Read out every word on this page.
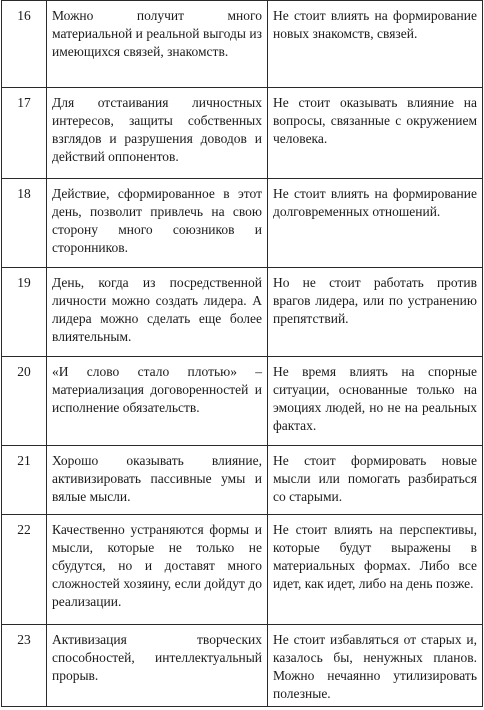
16	Можно получит много материальной и реальной выгоды из имеющихся связей, знакомств.	Не стоит влиять на формирование новых знакомств, связей.
17	Для отстаивания личностных интересов, защиты собственных взглядов и разрушения доводов и действий оппонентов.	Не стоит оказывать влияние на вопросы, связанные с окружением человека.
18	Действие, сформированное в этот день, позволит привлечь на свою сторону много союзников и сторонников.	Не стоит влиять на формирование долговременных отношений.
19	День, когда из посредственной личности можно создать лидера. А лидера можно сделать еще более влиятельным.	Но не стоит работать против врагов лидера, или по устранению препятствий.
20	«И слово стало плотью» – материализация договоренностей и исполнение обязательств.	Не время влиять на спорные ситуации, основанные только на эмоциях людей, но не на реальных фактах.
21	Хорошо оказывать влияние, активизировать пассивные умы и вялые мысли.	Не стоит формировать новые мысли или помогать разбираться со старыми.
22	Качественно устраняются формы и мысли, которые не только не сбудутся, но и доставят много сложностей хозяину, если дойдут до реализации.	Не стоит влиять на перспективы, которые будут выражены в материальных формах. Либо все идет, как идет, либо на день позже.
23	Активизация творческих способностей, интеллектуальный прорыв.	Не стоит избавляться от старых и, казалось бы, ненужных планов. Можно нечаянно утилизировать полезные.
